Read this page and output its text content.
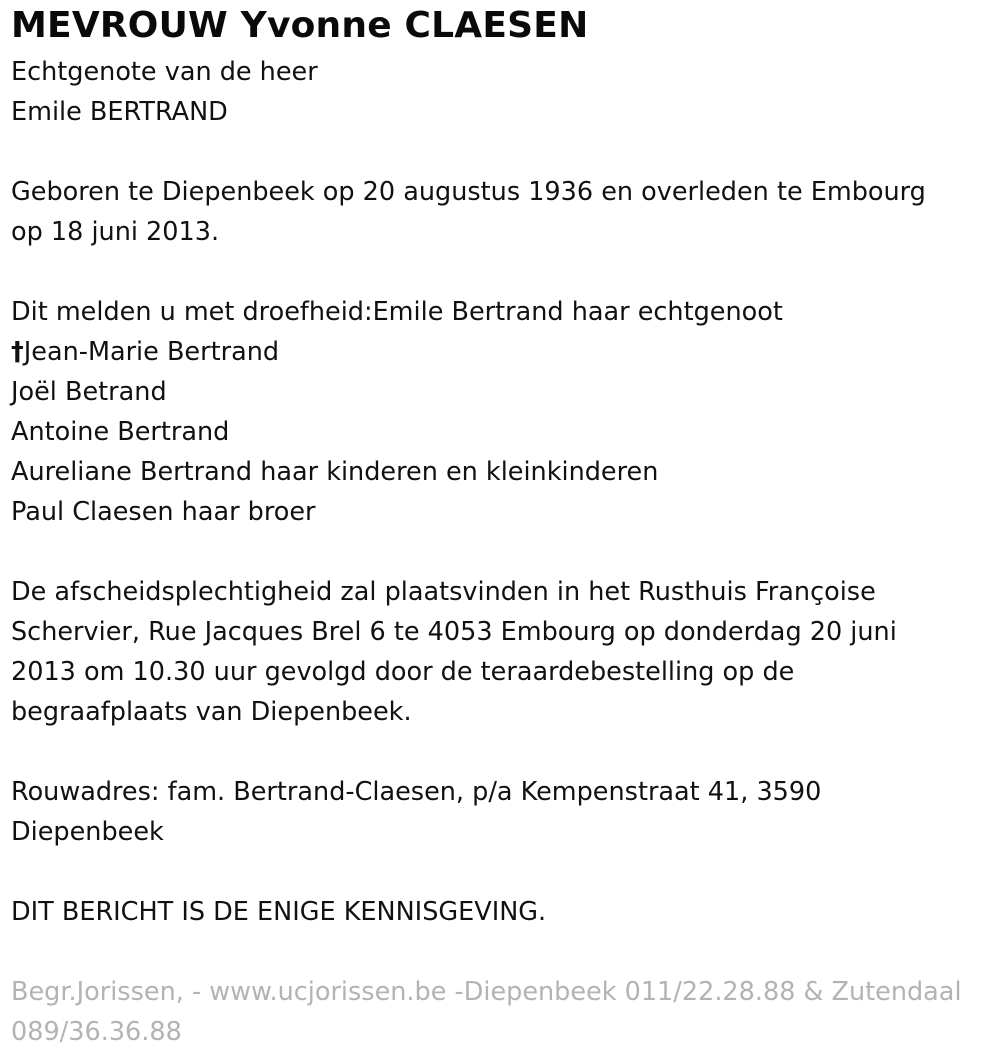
MEVROUW Yvonne CLAESEN

Echtgenote van de heer

Emile BERTRAND

Geboren te Diepenbeek op 20 augustus 1936 en overleden te Embourg

op 18 juni 2013.

Dit melden u met droefheid:Emile Bertrand haar echtgenoot

†Jean-Marie Bertrand

Joël Betrand

Antoine Bertrand

Aureliane Bertrand haar kinderen en kleinkinderen

Paul Claesen haar broer

De afscheidsplechtigheid zal plaatsvinden in het Rusthuis Françoise

Schervier, Rue Jacques Brel 6 te 4053 Embourg op donderdag 20 juni

2013 om 10.30 uur gevolgd door de teraardebestelling op de

begraafplaats van Diepenbeek.

Rouwadres: fam. Bertrand-Claesen, p/a Kempenstraat 41, 3590

Diepenbeek

DIT BERICHT IS DE ENIGE KENNISGEVING.

Begr.Jorissen, - www.ucjorissen.be -Diepenbeek 011/22.28.88 & Zutendaal

089/36.36.88
